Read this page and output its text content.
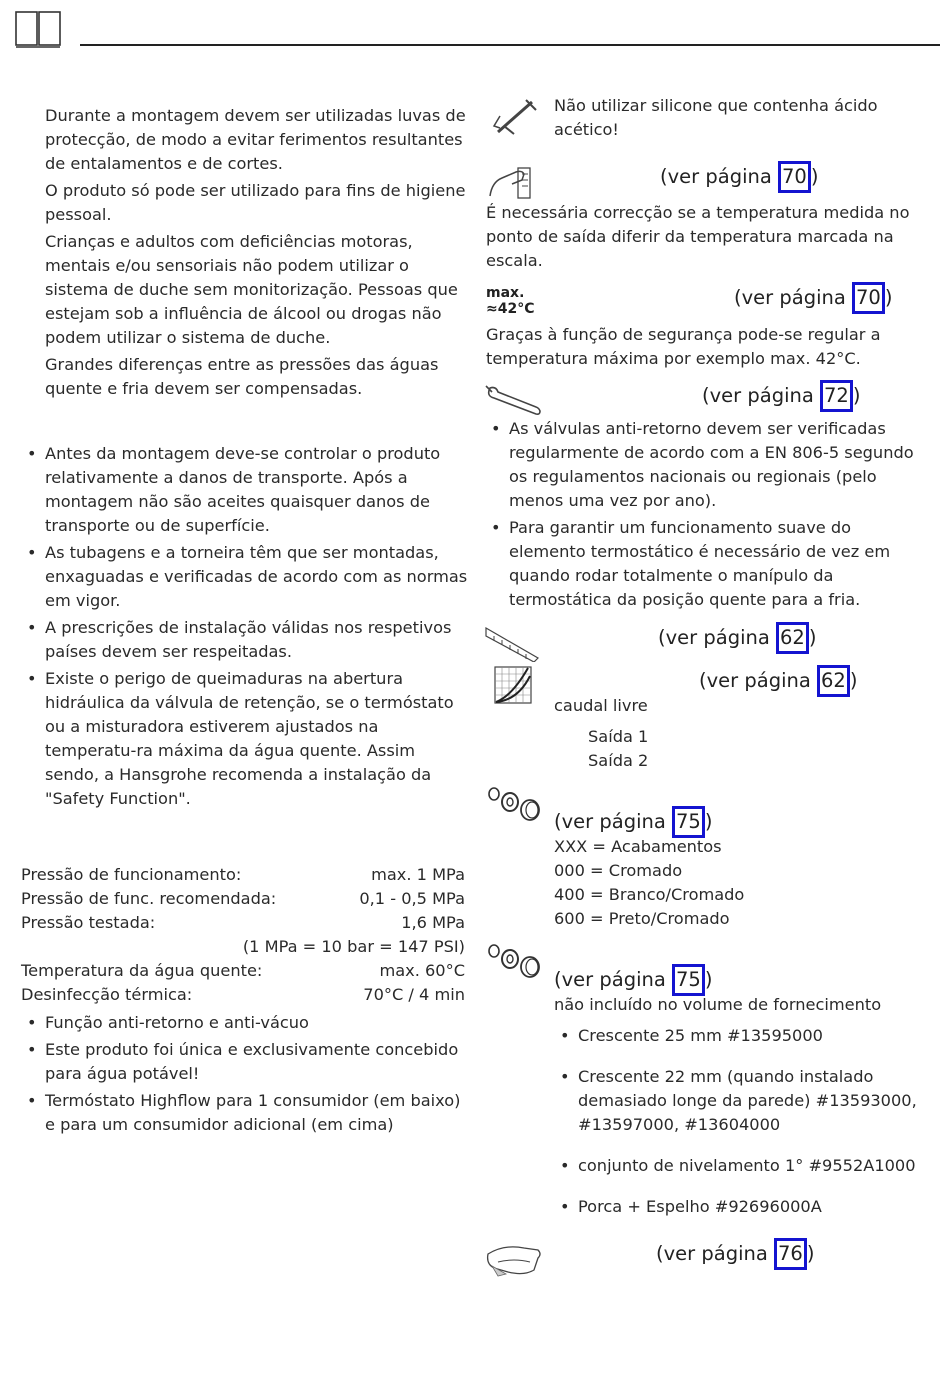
Durante a montagem devem ser utilizadas luvas de protecção, de modo a evitar ferimentos resultantes de entalamentos e de cortes.

O produto só pode ser utilizado para fins de higiene pessoal.

Crianças e adultos com deficiências motoras, mentais e/ou sensoriais não podem utilizar o sistema de duche sem monitorização. Pessoas que estejam sob a influência de álcool ou drogas não podem utilizar o sistema de duche.

Grandes diferenças entre as pressões das águas quente e fria devem ser compensadas.

• Antes da montagem deve-se controlar o produto relativamente a danos de transporte. Após a montagem não são aceites quaisquer danos de transporte ou de superfície.
• As tubagens e a torneira têm que ser montadas, enxaguadas e verificadas de acordo com as normas em vigor.
• A prescrições de instalação válidas nos respetivos países devem ser respeitadas.
• Existe o perigo de queimaduras na abertura hidráulica da válvula de retenção, se o termóstato ou a misturadora estiverem ajustados na temperatu-ra máxima da água quente. Assim sendo, a Hansgrohe recomenda a instalação da "Safety Function".
Pressão de funcionamento:	max. 1 MPa
Pressão de func. recomendada:	0,1 - 0,5 MPa
Pressão testada:	1,6 MPa
(1 MPa = 10 bar = 147 PSI)
Temperatura da água quente:	max. 60°C
Desinfecção térmica:	70°C / 4 min
• Função anti-retorno e anti-vácuo
• Este produto foi única e exclusivamente concebido para água potável!
• Termóstato Highflow para 1 consumidor (em baixo) e para um consumidor adicional (em cima)
Não utilizar silicone que contenha ácido acético!
(ver página 70 )
É necessária correcção se a temperatura medida no ponto de saída diferir da temperatura marcada na escala.
max.
≈42°C	(ver página 70 )
Graças à função de segurança pode-se regular a temperatura máxima por exemplo max. 42°C.
(ver página 72 )
• As válvulas anti-retorno devem ser verificadas regularmente de acordo com a EN 806-5 segundo os regulamentos nacionais ou regionais (pelo menos uma vez por ano).
• Para garantir um funcionamento suave do elemento termostático é necessário de vez em quando rodar totalmente o manípulo da termostática da posição quente para a fria.
(ver página 62 )
(ver página 62 )
caudal livre
Saída 1
Saída 2
(ver página 75 )
XXX = Acabamentos
000 = Cromado
400 = Branco/Cromado
600 = Preto/Cromado
(ver página 75 )
não incluído no volume de fornecimento
• Crescente 25 mm #13595000
• Crescente 22 mm (quando instalado demasiado longe da parede) #13593000, #13597000, #13604000
• conjunto de nivelamento 1° #9552A1000
• Porca + Espelho #92696000A
(ver página 76 )
